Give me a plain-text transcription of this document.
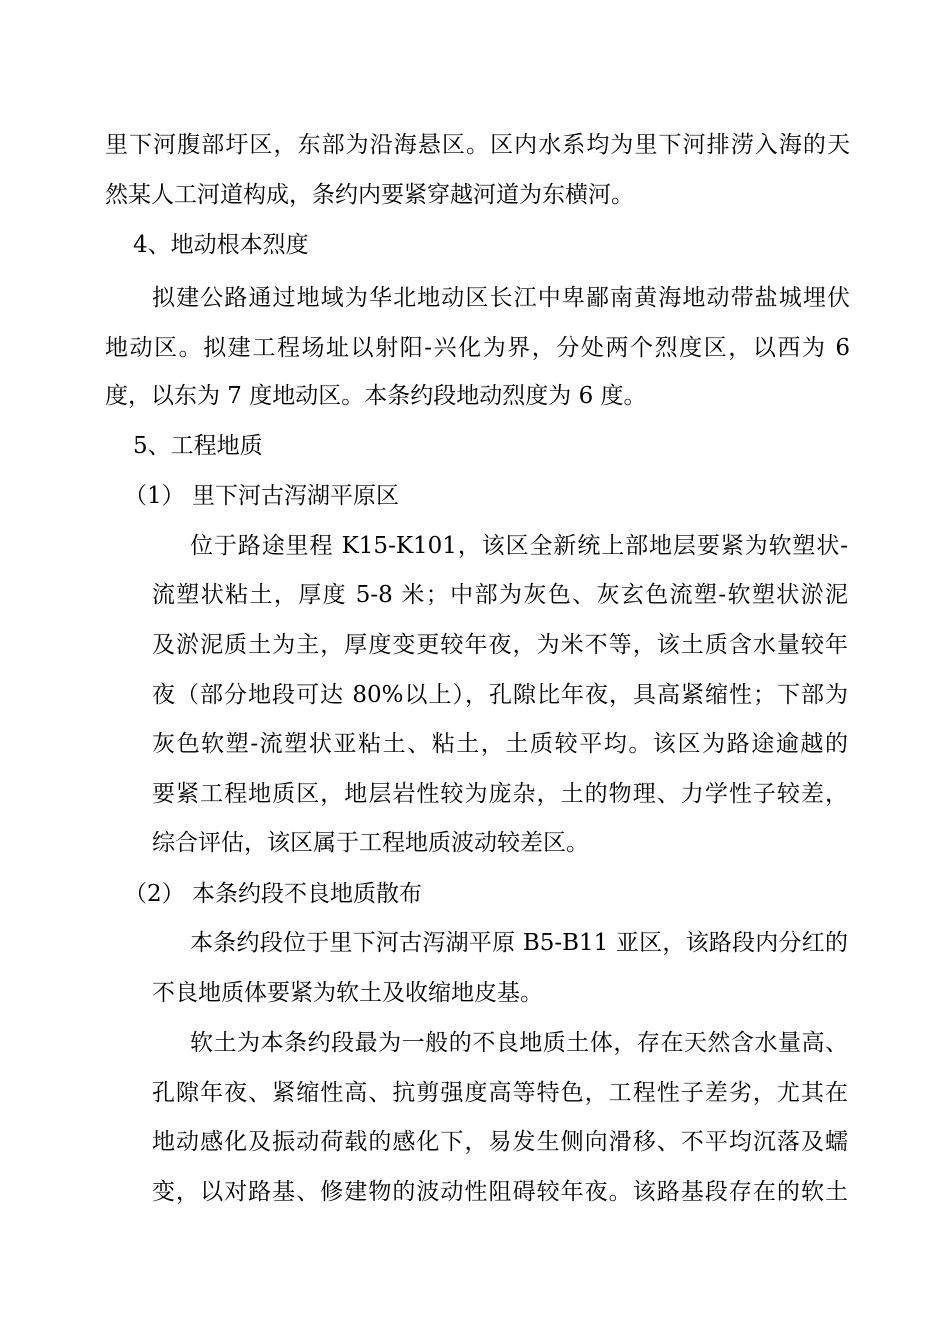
里下河腹部圩区，东部为沿海悬区。区内水系均为里下河排涝入海的天
然某人工河道构成，条约内要紧穿越河道为东横河。
4、地动根本烈度
拟建公路通过地域为华北地动区长江中卑鄙南黄海地动带盐城埋伏
地动区。拟建工程场址以射阳-兴化为界，分处两个烈度区，以西为 6
度，以东为 7 度地动区。本条约段地动烈度为 6 度。
5、工程地质
（1） 里下河古泻湖平原区
位于路途里程 K15-K101，该区全新统上部地层要紧为软塑状-
流塑状粘土，厚度 5-8 米；中部为灰色、灰玄色流塑-软塑状淤泥
及淤泥质土为主，厚度变更较年夜，为米不等，该土质含水量较年
夜（部分地段可达 80%以上），孔隙比年夜，具高紧缩性；下部为
灰色软塑-流塑状亚粘土、粘土，土质较平均。该区为路途逾越的
要紧工程地质区，地层岩性较为庞杂，土的物理、力学性子较差，
综合评估，该区属于工程地质波动较差区。
（2） 本条约段不良地质散布
本条约段位于里下河古泻湖平原 B5-B11 亚区，该路段内分红的
不良地质体要紧为软土及收缩地皮基。
软土为本条约段最为一般的不良地质土体，存在天然含水量高、
孔隙年夜、紧缩性高、抗剪强度高等特色，工程性子差劣，尤其在
地动感化及振动荷载的感化下，易发生侧向滑移、不平均沉落及蠕
变，以对路基、修建物的波动性阻碍较年夜。该路基段存在的软土
